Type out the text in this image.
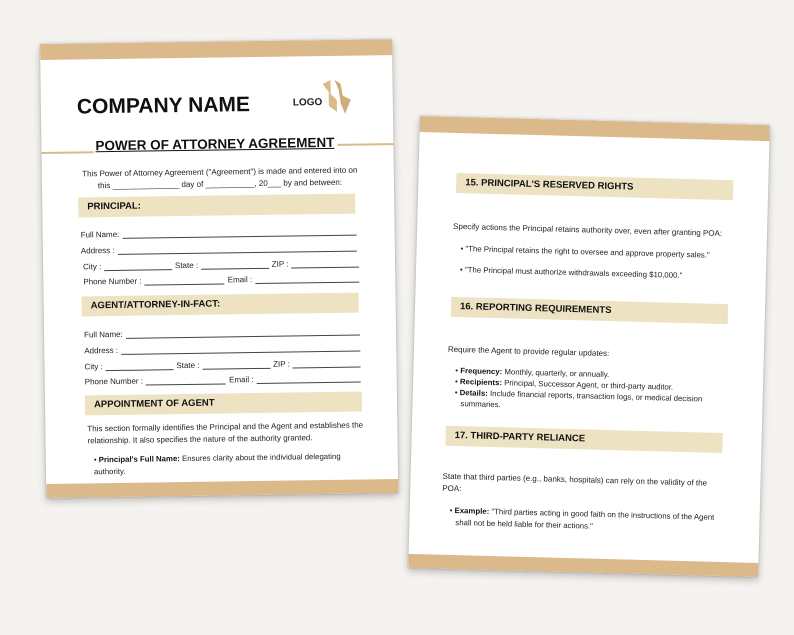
COMPANY NAME	LOGO
POWER OF ATTORNEY AGREEMENT
This Power of Attorney Agreement ("Agreement") is made and entered into on
this _______________ day of ___________, 20___ by and between:
PRINCIPAL:
Full Name:
Address :
City :	State :	ZIP :
Phone Number :	Email :
AGENT/ATTORNEY-IN-FACT:
Full Name:
Address :
City :	State :	ZIP :
Phone Number :	Email :
APPOINTMENT OF AGENT
This section formally identifies the Principal and the Agent and establishes the relationship. It also specifies the nature of the authority granted.
• Principal's Full Name: Ensures clarity about the individual delegating authority.
15. PRINCIPAL'S RESERVED RIGHTS
Specify actions the Principal retains authority over, even after granting POA:
• "The Principal retains the right to oversee and approve property sales."
• "The Principal must authorize withdrawals exceeding $10,000."
16. REPORTING REQUIREMENTS
Require the Agent to provide regular updates:
• Frequency: Monthly, quarterly, or annually.
• Recipients: Principal, Successor Agent, or third-party auditor.
• Details: Include financial reports, transaction logs, or medical decision summaries.
17. THIRD-PARTY RELIANCE
State that third parties (e.g., banks, hospitals) can rely on the validity of the POA:
• Example: "Third parties acting in good faith on the instructions of the Agent shall not be held liable for their actions."
